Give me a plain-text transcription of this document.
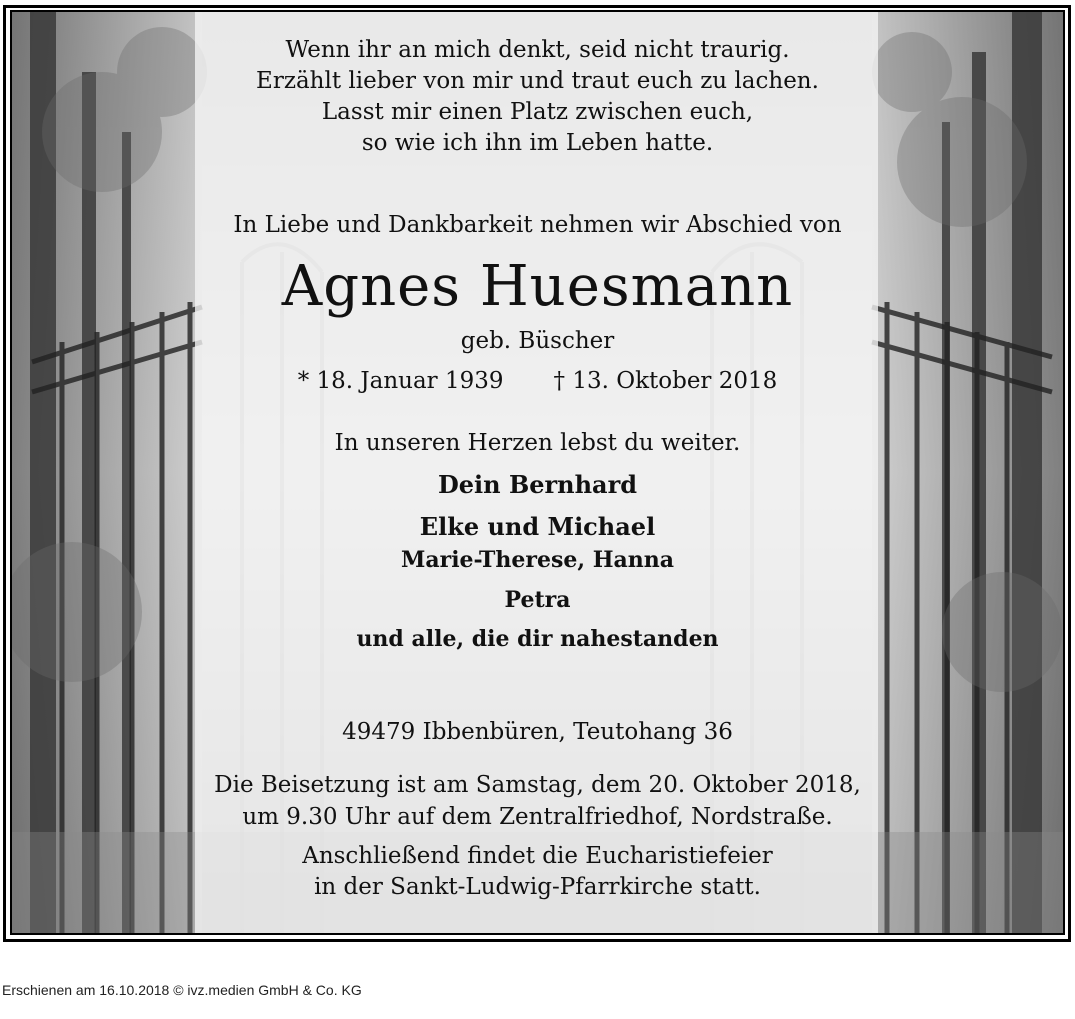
Wenn ihr an mich denkt, seid nicht traurig.
Erzählt lieber von mir und traut euch zu lachen.
Lasst mir einen Platz zwischen euch,
so wie ich ihn im Leben hatte.
In Liebe und Dankbarkeit nehmen wir Abschied von
Agnes Huesmann
geb. Büscher
* 18. Januar 1939 † 13. Oktober 2018
In unseren Herzen lebst du weiter.
Dein Bernhard
Elke und Michael
Marie-Therese, Hanna
Petra
und alle, die dir nahestanden
49479 Ibbenbüren, Teutohang 36
Die Beisetzung ist am Samstag, dem 20. Oktober 2018,
um 9.30 Uhr auf dem Zentralfriedhof, Nordstraße.
Anschließend findet die Eucharistiefeier
in der Sankt-Ludwig-Pfarrkirche statt.
Erschienen am 16.10.2018 © ivz.medien GmbH & Co. KG
